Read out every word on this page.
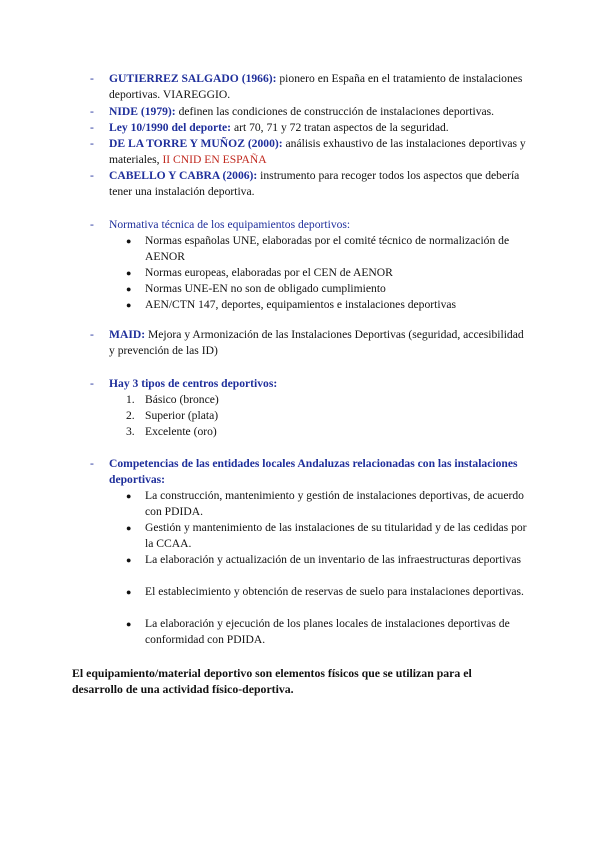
- GUTIERREZ SALGADO (1966): pionero en España en el tratamiento de instalaciones deportivas. VIAREGGIO.
- NIDE (1979): definen las condiciones de construcción de instalaciones deportivas.
- Ley 10/1990 del deporte: art 70, 71 y 72 tratan aspectos de la seguridad.
- DE LA TORRE Y MUÑOZ (2000): análisis exhaustivo de las instalaciones deportivas y materiales, II CNID EN ESPAÑA
- CABELLO Y CABRA (2006): instrumento para recoger todos los aspectos que debería tener una instalación deportiva.
- Normativa técnica de los equipamientos deportivos:
● Normas españolas UNE, elaboradas por el comité técnico de normalización de AENOR
● Normas europeas, elaboradas por el CEN de AENOR
● Normas UNE-EN no son de obligado cumplimiento
● AEN/CTN 147, deportes, equipamientos e instalaciones deportivas
- MAID: Mejora y Armonización de las Instalaciones Deportivas (seguridad, accesibilidad y prevención de las ID)
- Hay 3 tipos de centros deportivos:
1. Básico (bronce)
2. Superior (plata)
3. Excelente (oro)
- Competencias de las entidades locales Andaluzas relacionadas con las instalaciones deportivas:
● La construcción, mantenimiento y gestión de instalaciones deportivas, de acuerdo con PDIDA.
● Gestión y mantenimiento de las instalaciones de su titularidad y de las cedidas por la CCAA.
● La elaboración y actualización de un inventario de las infraestructuras deportivas
● El establecimiento y obtención de reservas de suelo para instalaciones deportivas.
● La elaboración y ejecución de los planes locales de instalaciones deportivas de conformidad con PDIDA.
El equipamiento/material deportivo son elementos físicos que se utilizan para el desarrollo de una actividad físico-deportiva.
